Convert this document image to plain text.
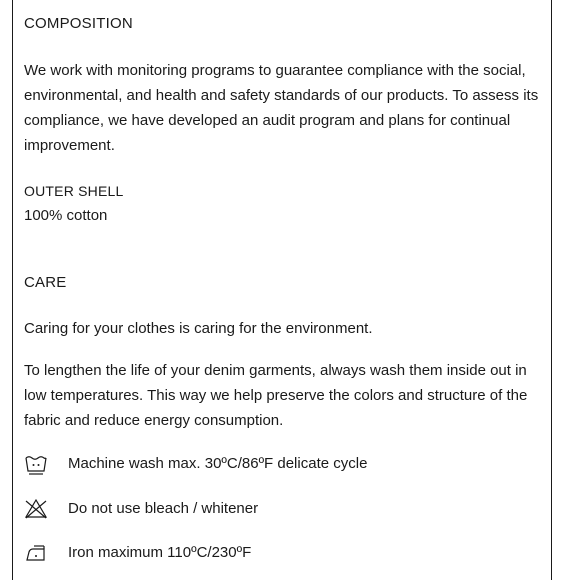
COMPOSITION

We work with monitoring programs to guarantee compliance with the social, environmental, and health and safety standards of our products. To assess its compliance, we have developed an audit program and plans for continual improvement.

OUTER SHELL

100% cotton

CARE

Caring for your clothes is caring for the environment.

To lengthen the life of your denim garments, always wash them inside out in low temperatures. This way we help preserve the colors and structure of the fabric and reduce energy consumption.

Machine wash max. 30ºC/86ºF delicate cycle
Do not use bleach / whitener
Iron maximum 110ºC/230ºF
